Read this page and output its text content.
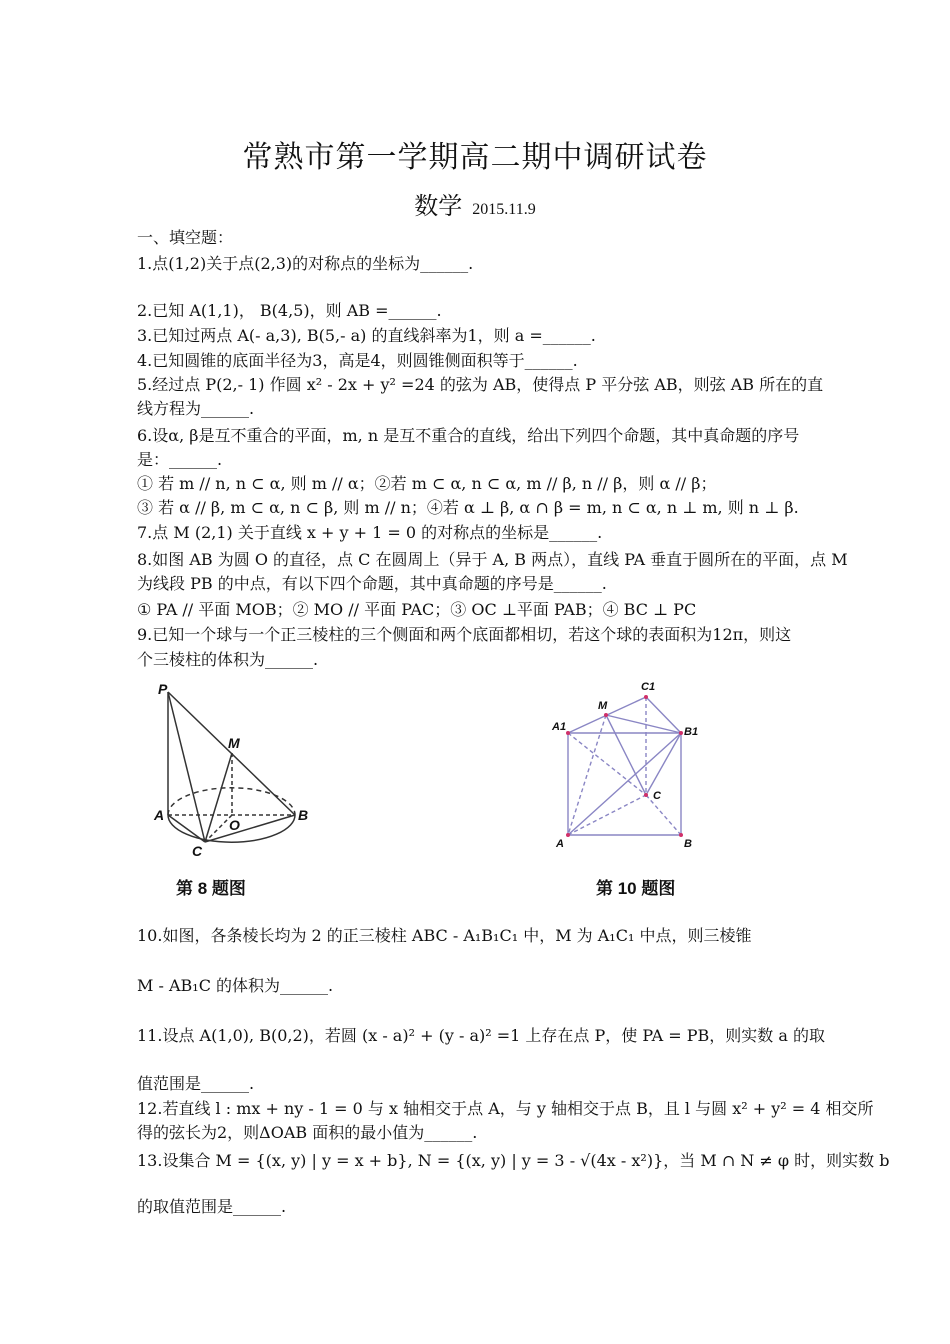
常熟市第一学期高二期中调研试卷
数学 2015.11.9
一、填空题：
1.点(1,2)关于点(2,3)的对称点的坐标为______.
2.已知 A(1,1)， B(4,5)，则 AB =______.
3.已知过两点 A(- a,3), B(5,- a) 的直线斜率为1，则 a =______.
4.已知圆锥的底面半径为3，高是4，则圆锥侧面积等于______.
5.经过点 P(2,- 1) 作圆 x² - 2x + y² =24 的弦为 AB，使得点 P 平分弦 AB，则弦 AB 所在的直
线方程为______.
6.设α, β是互不重合的平面，m, n 是互不重合的直线，给出下列四个命题，其中真命题的序号
是：______.
① 若 m // n, n ⊂ α, 则 m // α；②若 m ⊂ α, n ⊂ α, m // β, n // β，则 α // β；
③ 若 α // β, m ⊂ α, n ⊂ β, 则 m // n；④若 α ⊥ β, α ∩ β = m, n ⊂ α, n ⊥ m, 则 n ⊥ β.
7.点 M (2,1) 关于直线 x + y + 1 = 0 的对称点的坐标是______.
8.如图 AB 为圆 O 的直径，点 C 在圆周上（异于 A, B 两点），直线 PA 垂直于圆所在的平面，点 M
为线段 PB 的中点，有以下四个命题，其中真命题的序号是______.
① PA // 平面 MOB；② MO // 平面 PAC；③ OC ⊥平面 PAB；④ BC ⊥ PC
9.已知一个球与一个正三棱柱的三个侧面和两个底面都相切，若这个球的表面积为12π，则这
个三棱柱的体积为______.
P
M
A
O
B
C
第 8 题图
M
C1
A1	B1
C
A	B
第 10 题图
10.如图，各条棱长均为 2 的正三棱柱 ABC - A₁B₁C₁ 中，M 为 A₁C₁ 中点，则三棱锥
M - AB₁C 的体积为______.
11.设点 A(1,0), B(0,2)，若圆 (x - a)² + (y - a)² =1 上存在点 P，使 PA = PB，则实数 a 的取
值范围是______.
12.若直线 l : mx + ny - 1 = 0 与 x 轴相交于点 A，与 y 轴相交于点 B，且 l 与圆 x² + y² = 4 相交所
得的弦长为2，则ΔOAB 面积的最小值为______.
13.设集合 M = {(x, y) | y = x + b}, N = {(x, y) | y = 3 - √(4x - x²)}，当 M ∩ N ≠ φ 时，则实数 b
的取值范围是______.
